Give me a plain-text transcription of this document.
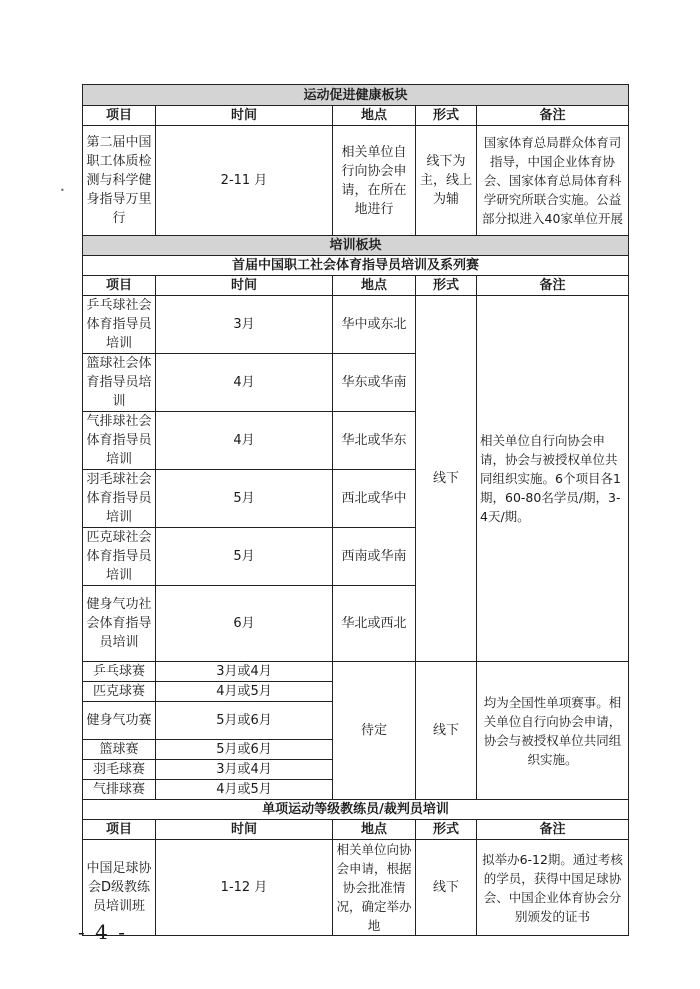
•
运动促进健康板块				
项目	时间	地点	形式	备注
第二届中国职工体质检测与科学健身指导万里行	2-11 月	相关单位自行向协会申请，在所在地进行	线下为主，线上为辅	国家体育总局群众体育司指导，中国企业体育协会、国家体育总局体育科学研究所联合实施。公益部分拟进入40家单位开展
培训板块				
首届中国职工社会体育指导员培训及系列赛				
项目	时间	地点	形式	备注
乒乓球社会体育指导员培训	3月	华中或东北	线下	相关单位自行向协会申请，协会与被授权单位共同组织实施。6个项目各1期，60-80名学员/期，3-4天/期。
篮球社会体育指导员培训	4月	华东或华南		
气排球社会体育指导员培训	4月	华北或华东		
羽毛球社会体育指导员培训	5月	西北或华中		
匹克球社会体育指导员培训	5月	西南或华南		
健身气功社会体育指导员培训	6月	华北或西北		
乒乓球赛	3月或4月	待定	线下	均为全国性单项赛事。相关单位自行向协会申请，协会与被授权单位共同组织实施。
匹克球赛	4月或5月			
健身气功赛	5月或6月			
篮球赛	5月或6月			
羽毛球赛	3月或4月			
气排球赛	4月或5月			
单项运动等级教练员/裁判员培训				
项目	时间	地点	形式	备注
中国足球协会D级教练员培训班	1-12 月	相关单位向协会申请，根据协会批准情况，确定举办地	线下	拟举办6-12期。通过考核的学员，获得中国足球协会、中国企业体育协会分别颁发的证书
- 4 -
